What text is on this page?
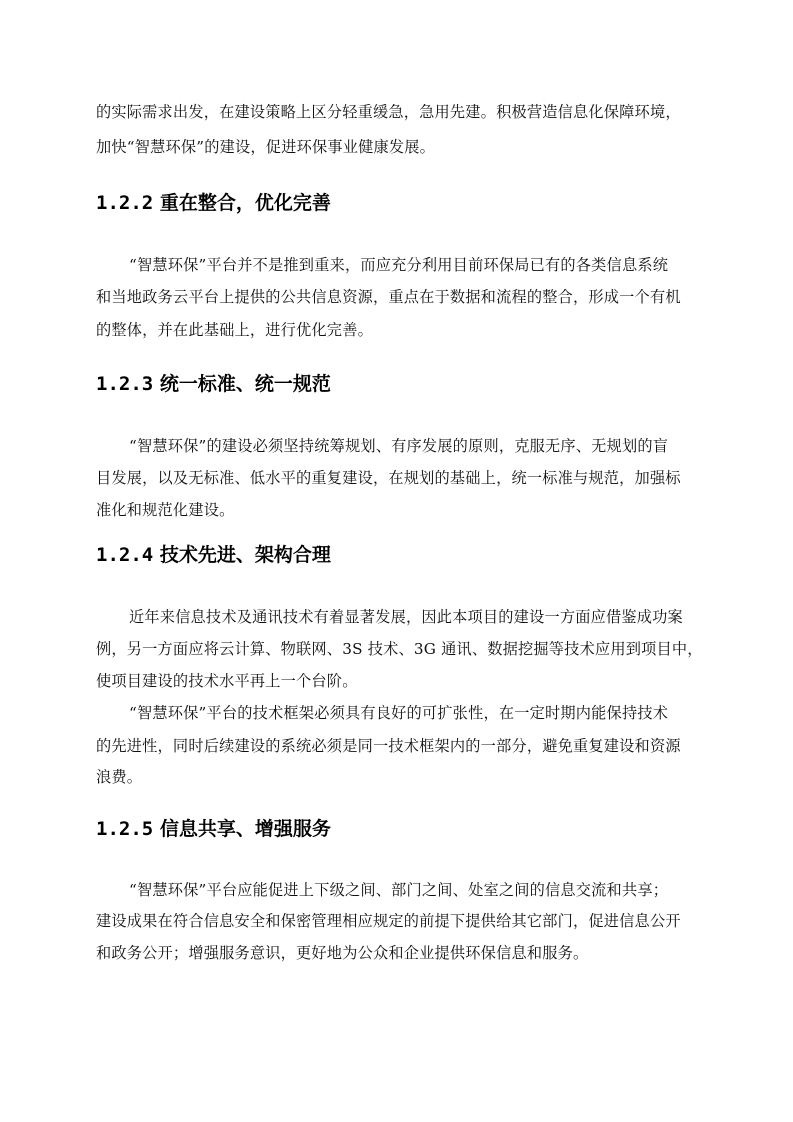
的实际需求出发，在建设策略上区分轻重缓急，急用先建。积极营造信息化保障环境，
加快“智慧环保”的建设，促进环保事业健康发展。
1.2.2 重在整合，优化完善
“智慧环保”平台并不是推到重来，而应充分利用目前环保局已有的各类信息系统
和当地政务云平台上提供的公共信息资源，重点在于数据和流程的整合，形成一个有机
的整体，并在此基础上，进行优化完善。
1.2.3 统一标准、统一规范
“智慧环保”的建设必须坚持统筹规划、有序发展的原则，克服无序、无规划的盲
目发展，以及无标准、低水平的重复建设，在规划的基础上，统一标准与规范，加强标
准化和规范化建设。
1.2.4 技术先进、架构合理
近年来信息技术及通讯技术有着显著发展，因此本项目的建设一方面应借鉴成功案
例，另一方面应将云计算、物联网、3S 技术、3G 通讯、数据挖掘等技术应用到项目中，
使项目建设的技术水平再上一个台阶。
“智慧环保”平台的技术框架必须具有良好的可扩张性，在一定时期内能保持技术
的先进性，同时后续建设的系统必须是同一技术框架内的一部分，避免重复建设和资源
浪费。
1.2.5 信息共享、增强服务
“智慧环保”平台应能促进上下级之间、部门之间、处室之间的信息交流和共享；
建设成果在符合信息安全和保密管理相应规定的前提下提供给其它部门，促进信息公开
和政务公开；增强服务意识，更好地为公众和企业提供环保信息和服务。
